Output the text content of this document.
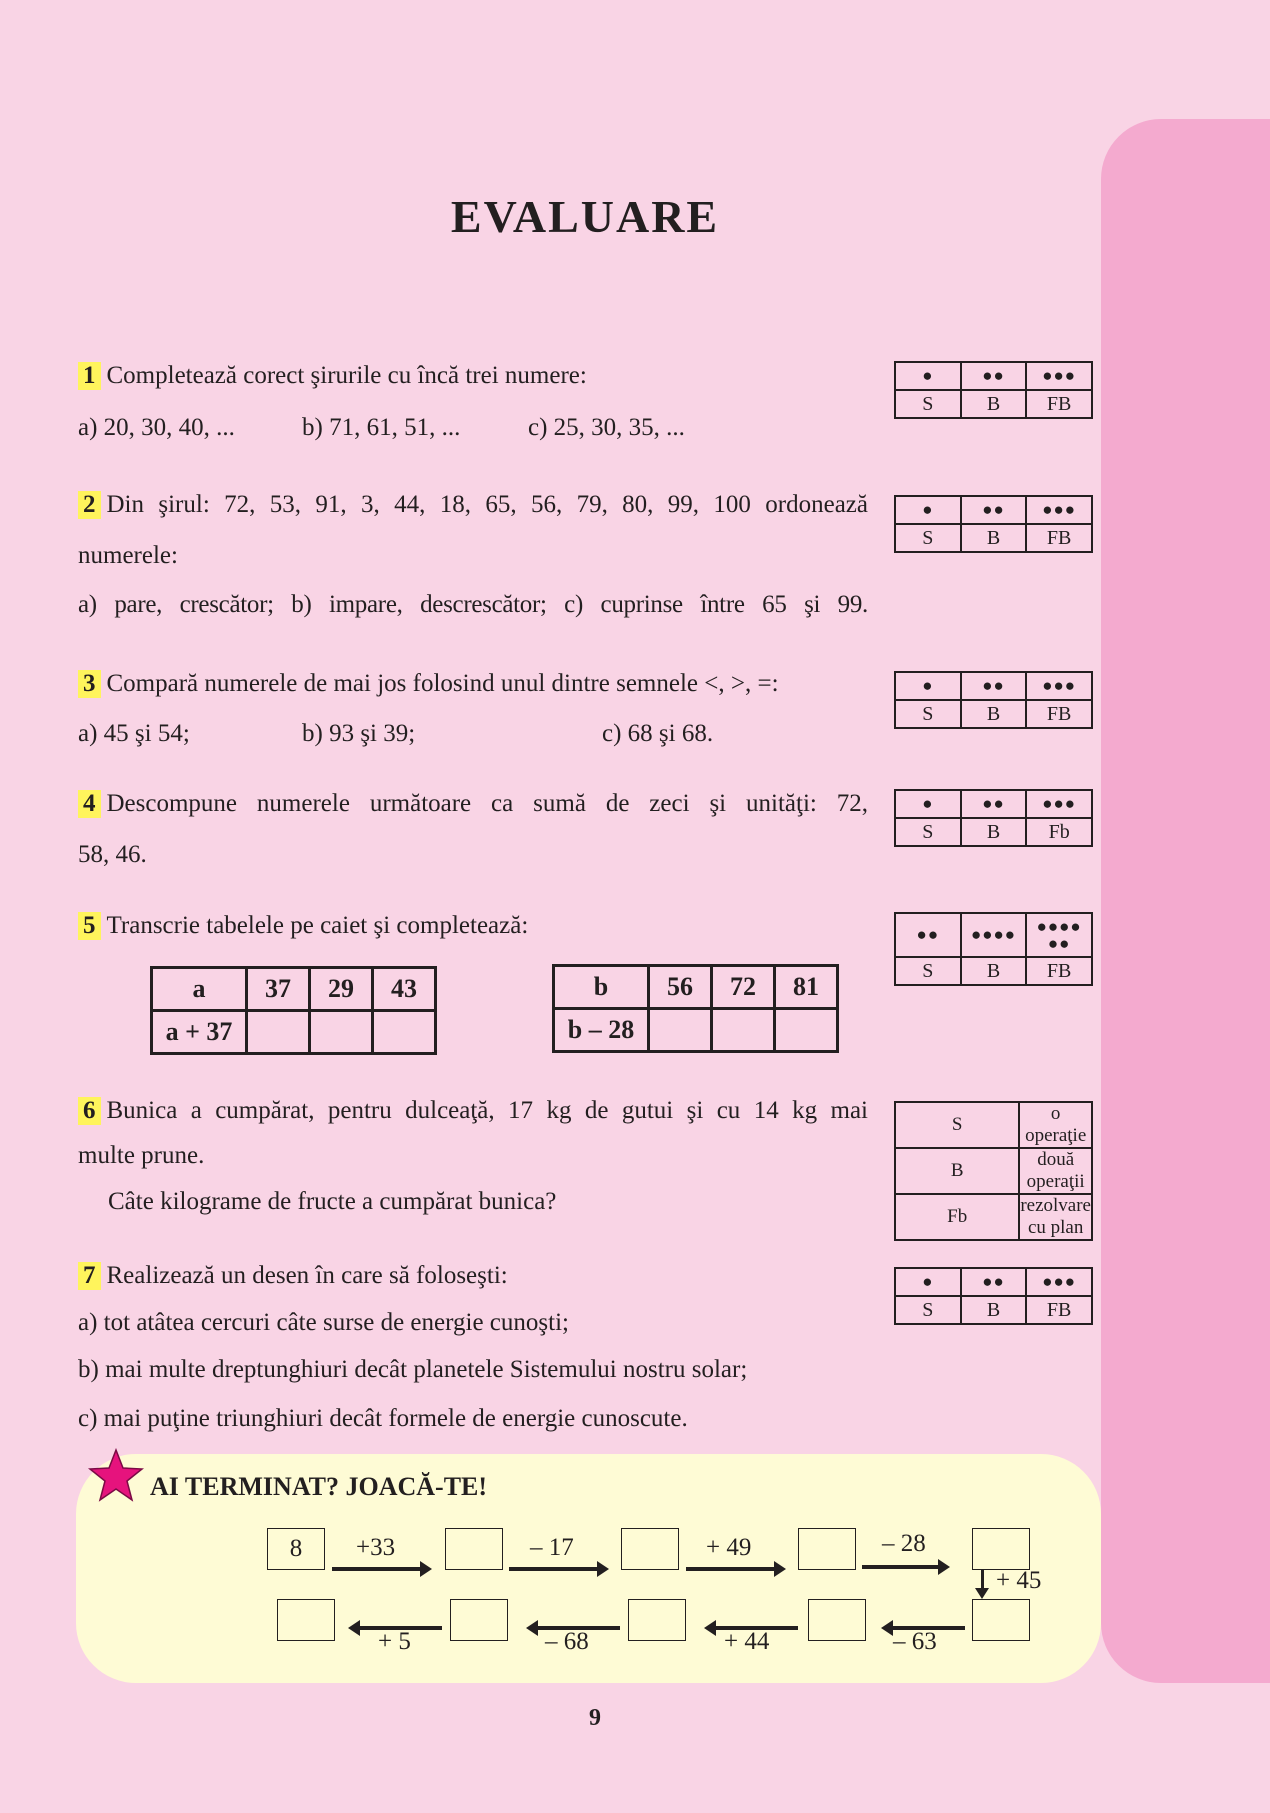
EVALUARE
1 Completează corect şirurile cu încă trei numere:
a) 20, 30, 40, ...	b) 71, 61, 51, ...	c) 25, 30, 35, ...
2 Din şirul: 72, 53, 91, 3, 44, 18, 65, 56, 79, 80, 99, 100 ordonează
numerele:
a) pare, crescător; b) impare, descrescător; c) cuprinse între 65 şi 99.
3 Compară numerele de mai jos folosind unul dintre semnele <, >, =:
a) 45 şi 54;	b) 93 şi 39;	c) 68 şi 68.
4 Descompune numerele următoare ca sumă de zeci şi unităţi: 72,
58, 46.
5 Transcrie tabelele pe caiet şi completează:
a	37	29	43
a + 37			
b	56	72	81
b – 28			
6 Bunica a cumpărat, pentru dulceaţă, 17 kg de gutui şi cu 14 kg mai
multe prune.
Câte kilograme de fructe a cumpărat bunica?
7 Realizează un desen în care să foloseşti:
a) tot atâtea cercuri câte surse de energie cunoşti;
b) mai multe dreptunghiuri decât planetele Sistemului nostru solar;
c) mai puţine triunghiuri decât formele de energie cunoscute.
●	●●	●●●
S	B	FB
●	●●	●●●
S	B	FB
●	●●	●●●
S	B	FB
●	●●	●●●
S	B	Fb
●●	●●●●	●●●●●●
S	B	FB
S	o operaţie
B	două operaţii
Fb	rezolvare cu plan
●	●●	●●●
S	B	FB
AI TERMINAT? JOACĂ-TE!
8	+33	– 17	+ 49	– 28
+ 45
– 63
+ 44
– 68
+ 5
9
